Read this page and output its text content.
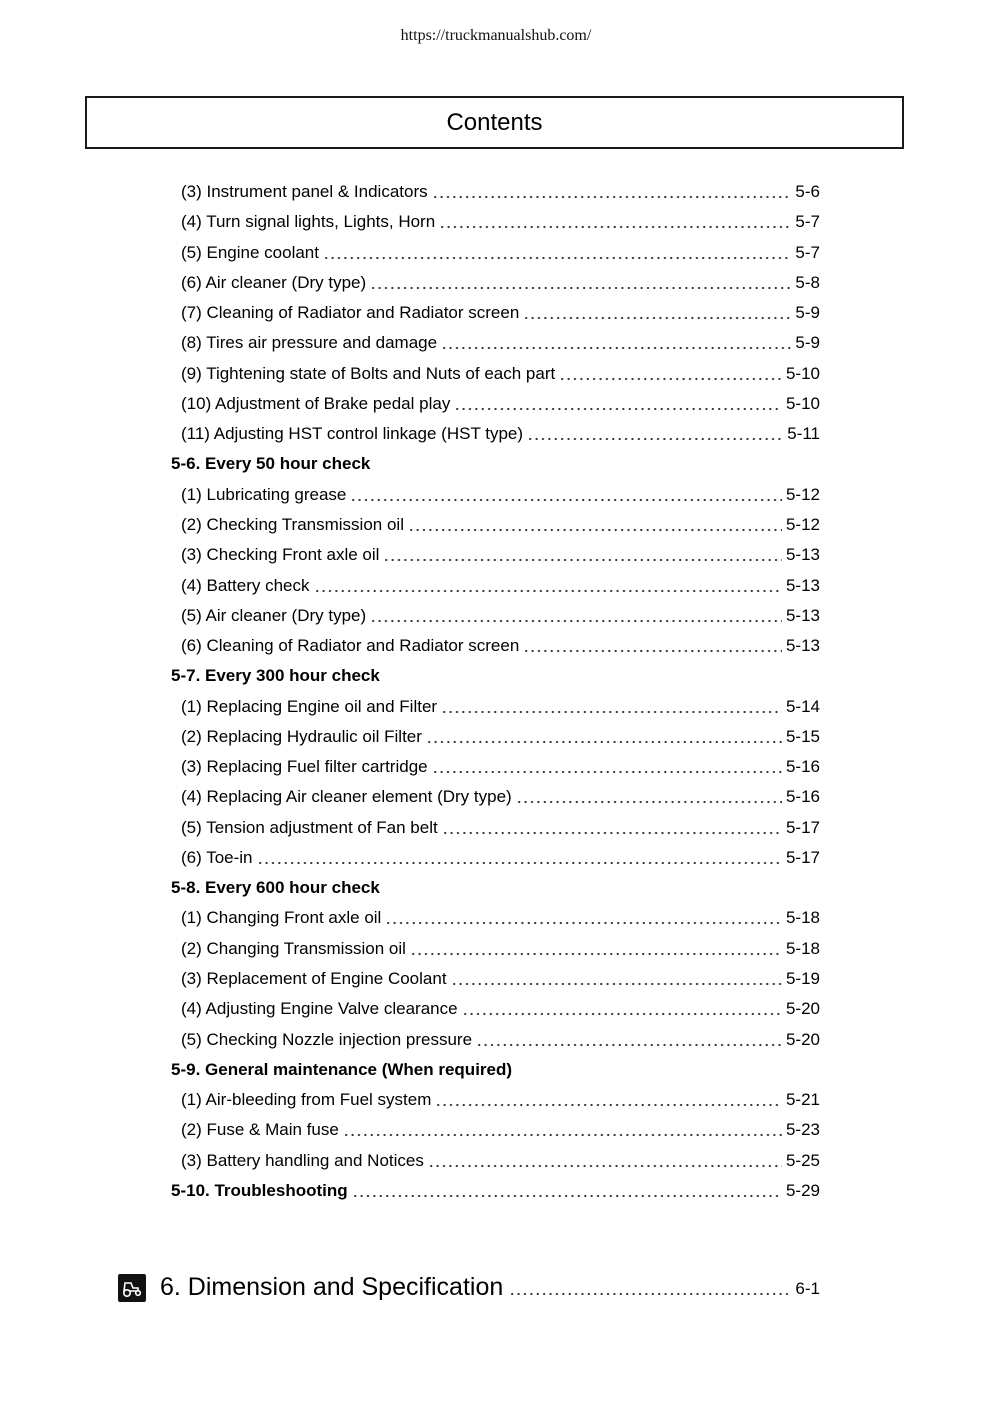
https://truckmanualshub.com/
Contents
(3) Instrument panel & Indicators	5-6
(4) Turn signal lights, Lights, Horn	5-7
(5) Engine coolant	5-7
(6) Air cleaner (Dry type)	5-8
(7) Cleaning of Radiator and Radiator screen	5-9
(8) Tires air pressure and damage	5-9
(9) Tightening state of Bolts and Nuts of each part	5-10
(10) Adjustment of Brake pedal play	5-10
(11) Adjusting HST control linkage (HST type)	5-11
5-6. Every 50 hour check
(1) Lubricating grease	5-12
(2) Checking Transmission oil	5-12
(3) Checking Front axle oil	5-13
(4) Battery check	5-13
(5) Air cleaner (Dry type)	5-13
(6) Cleaning of Radiator and Radiator screen	5-13
5-7. Every 300 hour check
(1) Replacing Engine oil and Filter	5-14
(2) Replacing Hydraulic oil Filter	5-15
(3) Replacing Fuel filter cartridge	5-16
(4) Replacing Air cleaner element (Dry type)	5-16
(5) Tension adjustment of Fan belt	5-17
(6) Toe-in	5-17
5-8. Every 600 hour check
(1) Changing Front axle oil	5-18
(2) Changing Transmission oil	5-18
(3) Replacement of Engine Coolant	5-19
(4) Adjusting Engine Valve clearance	5-20
(5) Checking Nozzle injection pressure	5-20
5-9. General maintenance (When required)
(1) Air-bleeding from Fuel system	5-21
(2) Fuse & Main fuse	5-23
(3) Battery handling and Notices	5-25
5-10. Troubleshooting	5-29
6. Dimension and Specification	6-1
